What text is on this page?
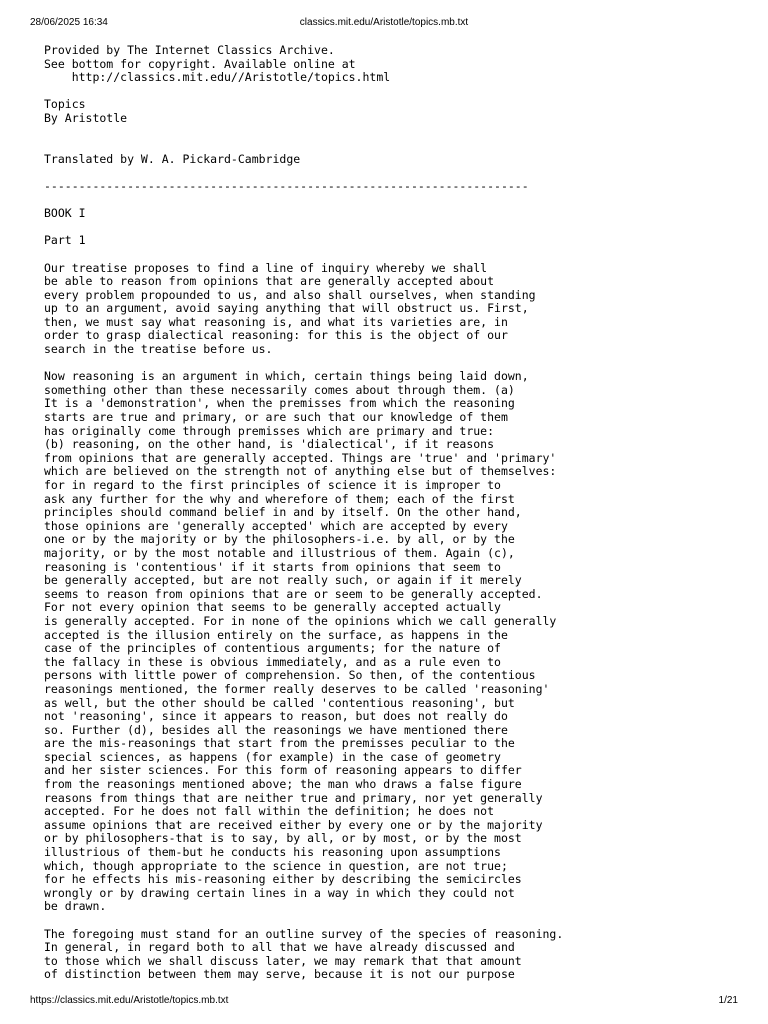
28/06/2025 16:34	classics.mit.edu/Aristotle/topics.mb.txt
Provided by The Internet Classics Archive.
See bottom for copyright. Available online at
http://classics.mit.edu//Aristotle/topics.html
Topics
By Aristotle
Translated by W. A. Pickard-Cambridge
----------------------------------------------------------------------
BOOK I
Part 1
Our treatise proposes to find a line of inquiry whereby we shall
be able to reason from opinions that are generally accepted about
every problem propounded to us, and also shall ourselves, when standing
up to an argument, avoid saying anything that will obstruct us. First,
then, we must say what reasoning is, and what its varieties are, in
order to grasp dialectical reasoning: for this is the object of our
search in the treatise before us.
Now reasoning is an argument in which, certain things being laid down,
something other than these necessarily comes about through them. (a)
It is a 'demonstration', when the premisses from which the reasoning
starts are true and primary, or are such that our knowledge of them
has originally come through premisses which are primary and true:
(b) reasoning, on the other hand, is 'dialectical', if it reasons
from opinions that are generally accepted. Things are 'true' and 'primary'
which are believed on the strength not of anything else but of themselves:
for in regard to the first principles of science it is improper to
ask any further for the why and wherefore of them; each of the first
principles should command belief in and by itself. On the other hand,
those opinions are 'generally accepted' which are accepted by every
one or by the majority or by the philosophers-i.e. by all, or by the
majority, or by the most notable and illustrious of them. Again (c),
reasoning is 'contentious' if it starts from opinions that seem to
be generally accepted, but are not really such, or again if it merely
seems to reason from opinions that are or seem to be generally accepted.
For not every opinion that seems to be generally accepted actually
is generally accepted. For in none of the opinions which we call generally
accepted is the illusion entirely on the surface, as happens in the
case of the principles of contentious arguments; for the nature of
the fallacy in these is obvious immediately, and as a rule even to
persons with little power of comprehension. So then, of the contentious
reasonings mentioned, the former really deserves to be called 'reasoning'
as well, but the other should be called 'contentious reasoning', but
not 'reasoning', since it appears to reason, but does not really do
so. Further (d), besides all the reasonings we have mentioned there
are the mis-reasonings that start from the premisses peculiar to the
special sciences, as happens (for example) in the case of geometry
and her sister sciences. For this form of reasoning appears to differ
from the reasonings mentioned above; the man who draws a false figure
reasons from things that are neither true and primary, nor yet generally
accepted. For he does not fall within the definition; he does not
assume opinions that are received either by every one or by the majority
or by philosophers-that is to say, by all, or by most, or by the most
illustrious of them-but he conducts his reasoning upon assumptions
which, though appropriate to the science in question, are not true;
for he effects his mis-reasoning either by describing the semicircles
wrongly or by drawing certain lines in a way in which they could not
be drawn.
The foregoing must stand for an outline survey of the species of reasoning.
In general, in regard both to all that we have already discussed and
to those which we shall discuss later, we may remark that that amount
of distinction between them may serve, because it is not our purpose
https://classics.mit.edu/Aristotle/topics.mb.txt	1/21
